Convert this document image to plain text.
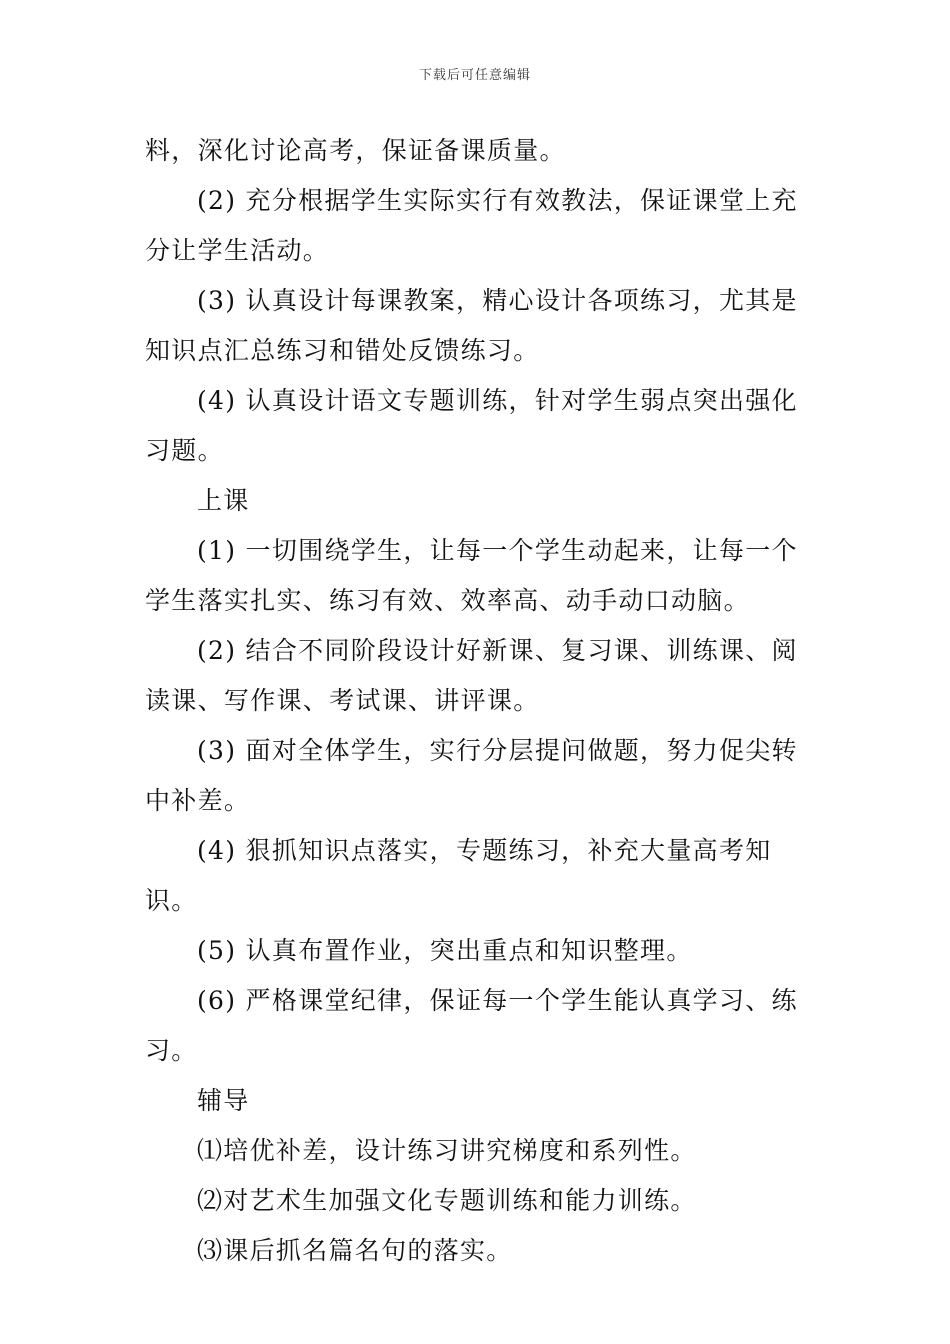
下载后可任意编辑

料，深化讨论高考，保证备课质量。

(2) 充分根据学生实际实行有效教法，保证课堂上充分让学生活动。

(3) 认真设计每课教案，精心设计各项练习，尤其是知识点汇总练习和错处反馈练习。

(4) 认真设计语文专题训练，针对学生弱点突出强化习题。

上课

(1) 一切围绕学生，让每一个学生动起来，让每一个学生落实扎实、练习有效、效率高、动手动口动脑。

(2) 结合不同阶段设计好新课、复习课、训练课、阅读课、写作课、考试课、讲评课。

(3) 面对全体学生，实行分层提问做题，努力促尖转中补差。

(4) 狠抓知识点落实，专题练习，补充大量高考知识。

(5) 认真布置作业，突出重点和知识整理。

(6) 严格课堂纪律，保证每一个学生能认真学习、练习。

辅导

⑴培优补差，设计练习讲究梯度和系列性。

⑵对艺术生加强文化专题训练和能力训练。

⑶课后抓名篇名句的落实。
